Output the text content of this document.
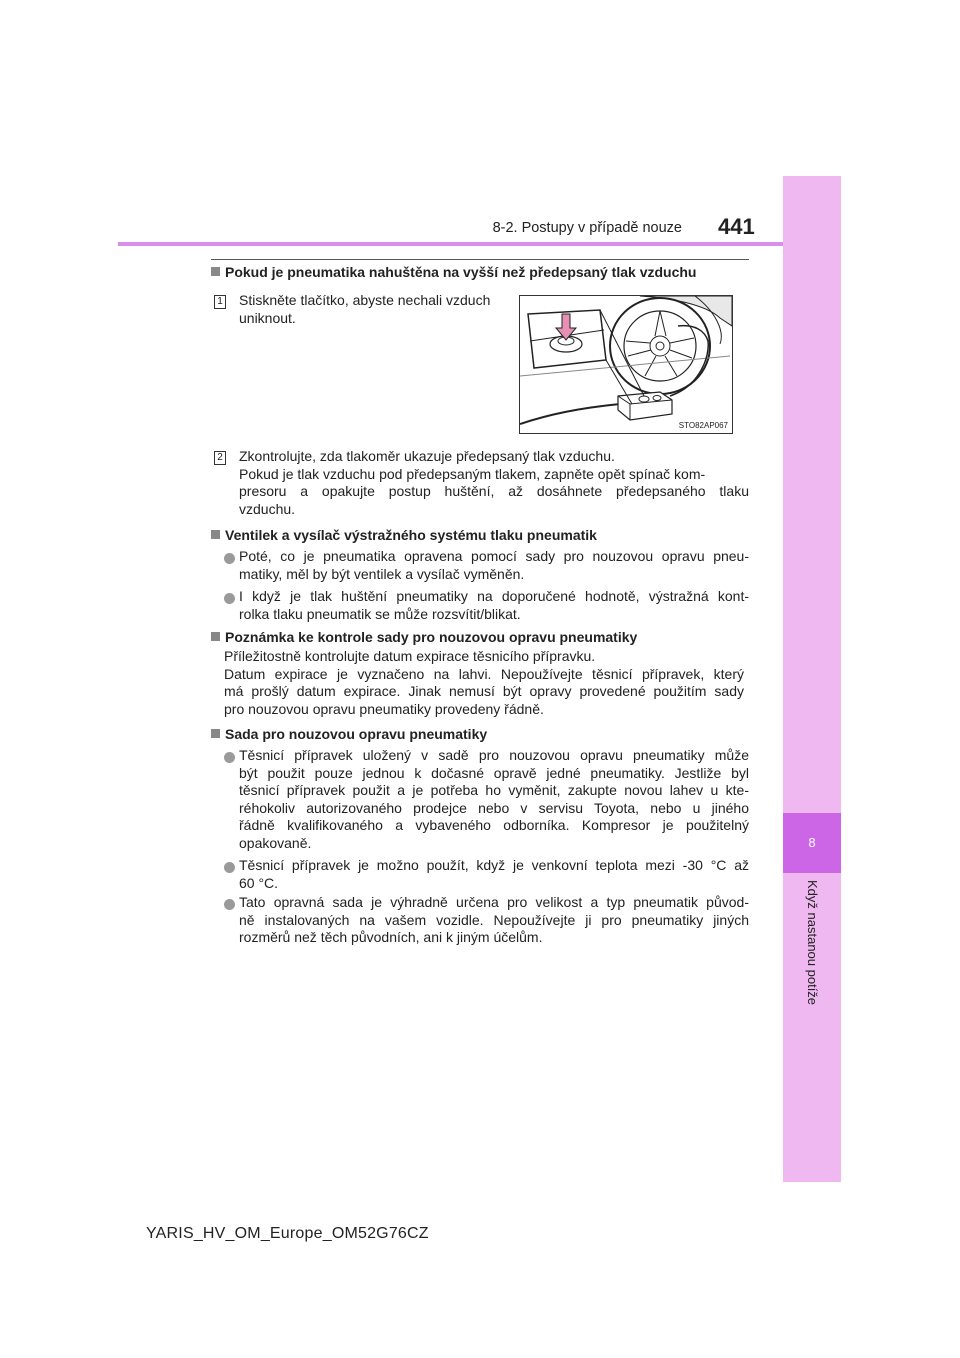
8
Když nastanou potíže
8-2. Postupy v případě nouze 441
Pokud je pneumatika nahuštěna na vyšší než předepsaný tlak vzduchu
1 Stiskněte tlačítko, abyste nechali vzduch uniknout.
STO82AP067
2 Zkontrolujte, zda tlakoměr ukazuje předepsaný tlak vzduchu.
Pokud je tlak vzduchu pod předepsaným tlakem, zapněte opět spínač kom-
presoru a opakujte postup huštění, až dosáhnete předepsaného tlaku
vzduchu.
Ventilek a vysílač výstražného systému tlaku pneumatik
Poté, co je pneumatika opravena pomocí sady pro nouzovou opravu pneu-
matiky, měl by být ventilek a vysílač vyměněn.
I když je tlak huštění pneumatiky na doporučené hodnotě, výstražná kont-
rolka tlaku pneumatik se může rozsvítit/blikat.
Poznámka ke kontrole sady pro nouzovou opravu pneumatiky
Příležitostně kontrolujte datum expirace těsnicího přípravku.
Datum expirace je vyznačeno na lahvi. Nepoužívejte těsnicí přípravek, který
má prošlý datum expirace. Jinak nemusí být opravy provedené použitím sady
pro nouzovou opravu pneumatiky provedeny řádně.
Sada pro nouzovou opravu pneumatiky
Těsnicí přípravek uložený v sadě pro nouzovou opravu pneumatiky může
být použit pouze jednou k dočasné opravě jedné pneumatiky. Jestliže byl
těsnicí přípravek použit a je potřeba ho vyměnit, zakupte novou lahev u kte-
réhokoliv autorizovaného prodejce nebo v servisu Toyota, nebo u jiného
řádně kvalifikovaného a vybaveného odborníka. Kompresor je použitelný
opakovaně.
Těsnicí přípravek je možno použít, když je venkovní teplota mezi -30 °C až
60 °C.
Tato opravná sada je výhradně určena pro velikost a typ pneumatik původ-
ně instalovaných na vašem vozidle. Nepoužívejte ji pro pneumatiky jiných
rozměrů než těch původních, ani k jiným účelům.
YARIS_HV_OM_Europe_OM52G76CZ
